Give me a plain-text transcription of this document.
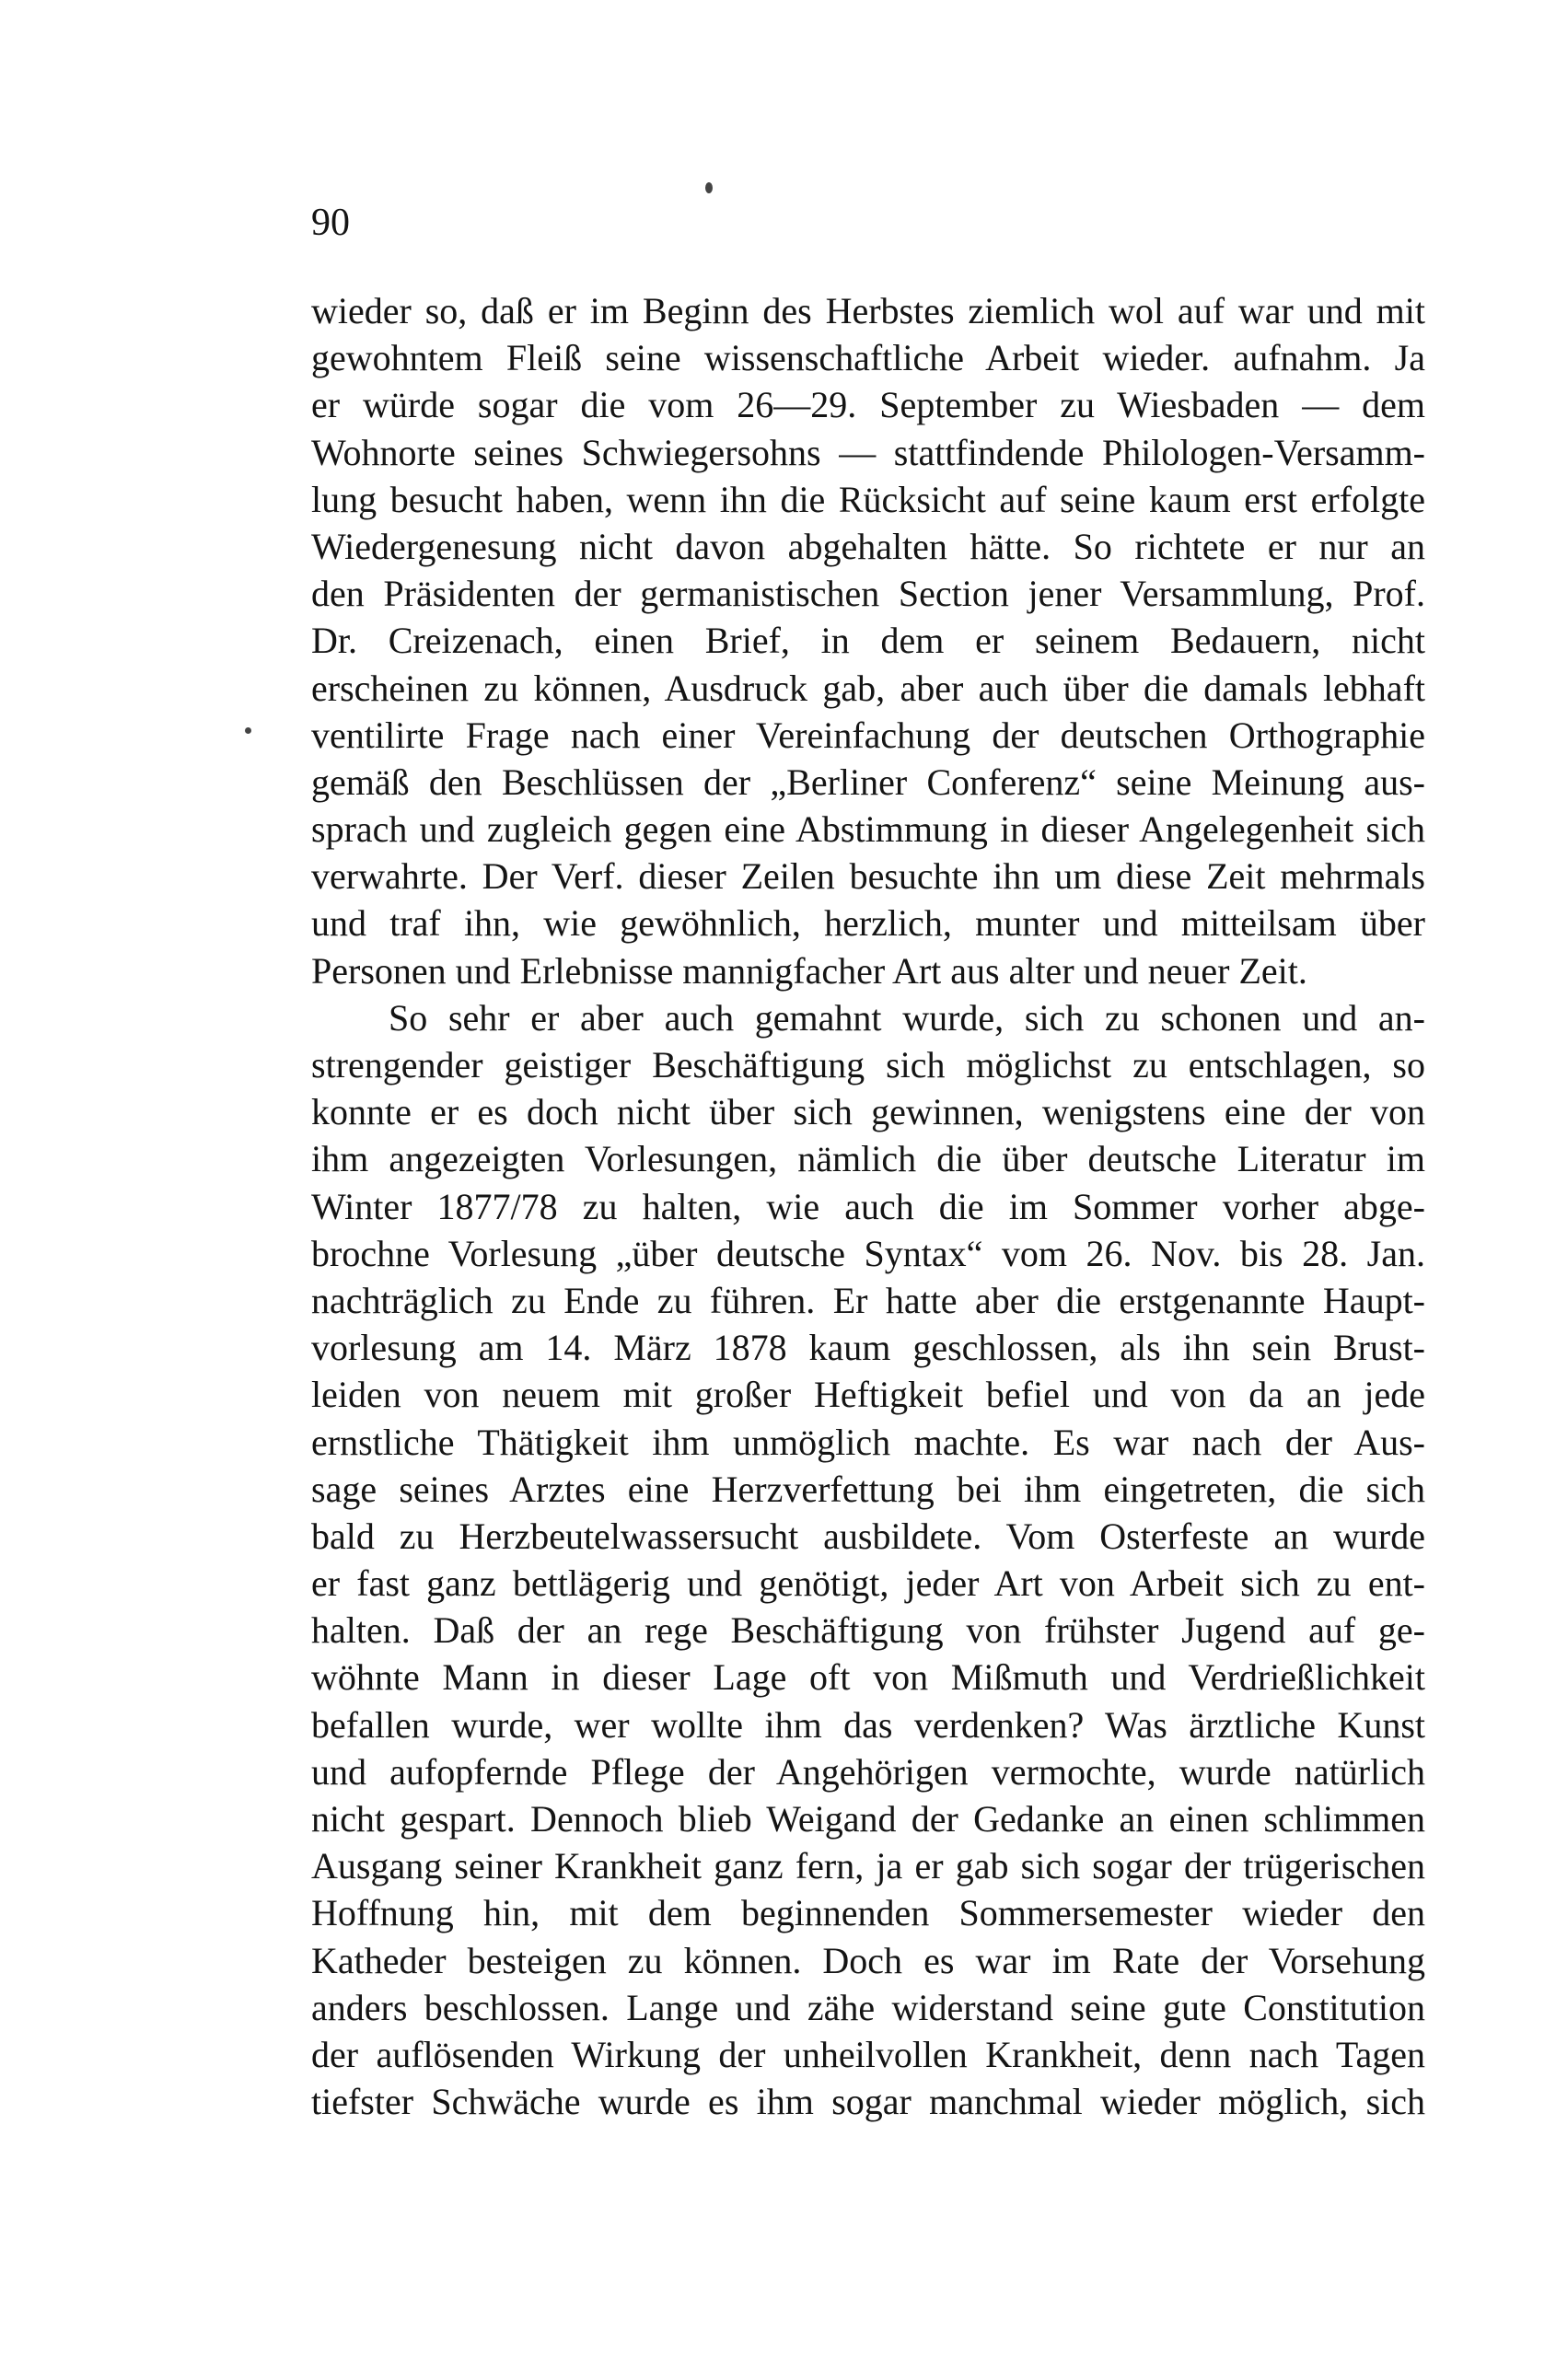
90
wieder so, daß er im Beginn des Herbstes ziemlich wol auf war und mit
gewohntem Fleiß seine wissenschaftliche Arbeit wieder. aufnahm. Ja
er würde sogar die vom 26—29. September zu Wiesbaden — dem
Wohnorte seines Schwiegersohns — stattfindende Philologen-Versamm-
lung besucht haben, wenn ihn die Rücksicht auf seine kaum erst erfolgte
Wiedergenesung nicht davon abgehalten hätte. So richtete er nur an
den Präsidenten der germanistischen Section jener Versammlung, Prof.
Dr. Creizenach, einen Brief, in dem er seinem Bedauern, nicht
erscheinen zu können, Ausdruck gab, aber auch über die damals lebhaft
ventilirte Frage nach einer Vereinfachung der deutschen Orthographie
gemäß den Beschlüssen der „Berliner Conferenz“ seine Meinung aus-
sprach und zugleich gegen eine Abstimmung in dieser Angelegenheit sich
verwahrte. Der Verf. dieser Zeilen besuchte ihn um diese Zeit mehrmals
und traf ihn, wie gewöhnlich, herzlich, munter und mitteilsam über
Personen und Erlebnisse mannigfacher Art aus alter und neuer Zeit.
So sehr er aber auch gemahnt wurde, sich zu schonen und an-
strengender geistiger Beschäftigung sich möglichst zu entschlagen, so
konnte er es doch nicht über sich gewinnen, wenigstens eine der von
ihm angezeigten Vorlesungen, nämlich die über deutsche Literatur im
Winter 1877/78 zu halten, wie auch die im Sommer vorher abge-
brochne Vorlesung „über deutsche Syntax“ vom 26. Nov. bis 28. Jan.
nachträglich zu Ende zu führen. Er hatte aber die erstgenannte Haupt-
vorlesung am 14. März 1878 kaum geschlossen, als ihn sein Brust-
leiden von neuem mit großer Heftigkeit befiel und von da an jede
ernstliche Thätigkeit ihm unmöglich machte. Es war nach der Aus-
sage seines Arztes eine Herzverfettung bei ihm eingetreten, die sich
bald zu Herzbeutelwassersucht ausbildete. Vom Osterfeste an wurde
er fast ganz bettlägerig und genötigt, jeder Art von Arbeit sich zu ent-
halten. Daß der an rege Beschäftigung von frühster Jugend auf ge-
wöhnte Mann in dieser Lage oft von Mißmuth und Verdrießlichkeit
befallen wurde, wer wollte ihm das verdenken? Was ärztliche Kunst
und aufopfernde Pflege der Angehörigen vermochte, wurde natürlich
nicht gespart. Dennoch blieb Weigand der Gedanke an einen schlimmen
Ausgang seiner Krankheit ganz fern, ja er gab sich sogar der trügerischen
Hoffnung hin, mit dem beginnenden Sommersemester wieder den
Katheder besteigen zu können. Doch es war im Rate der Vorsehung
anders beschlossen. Lange und zähe widerstand seine gute Constitution
der auflösenden Wirkung der unheilvollen Krankheit, denn nach Tagen
tiefster Schwäche wurde es ihm sogar manchmal wieder möglich, sich
